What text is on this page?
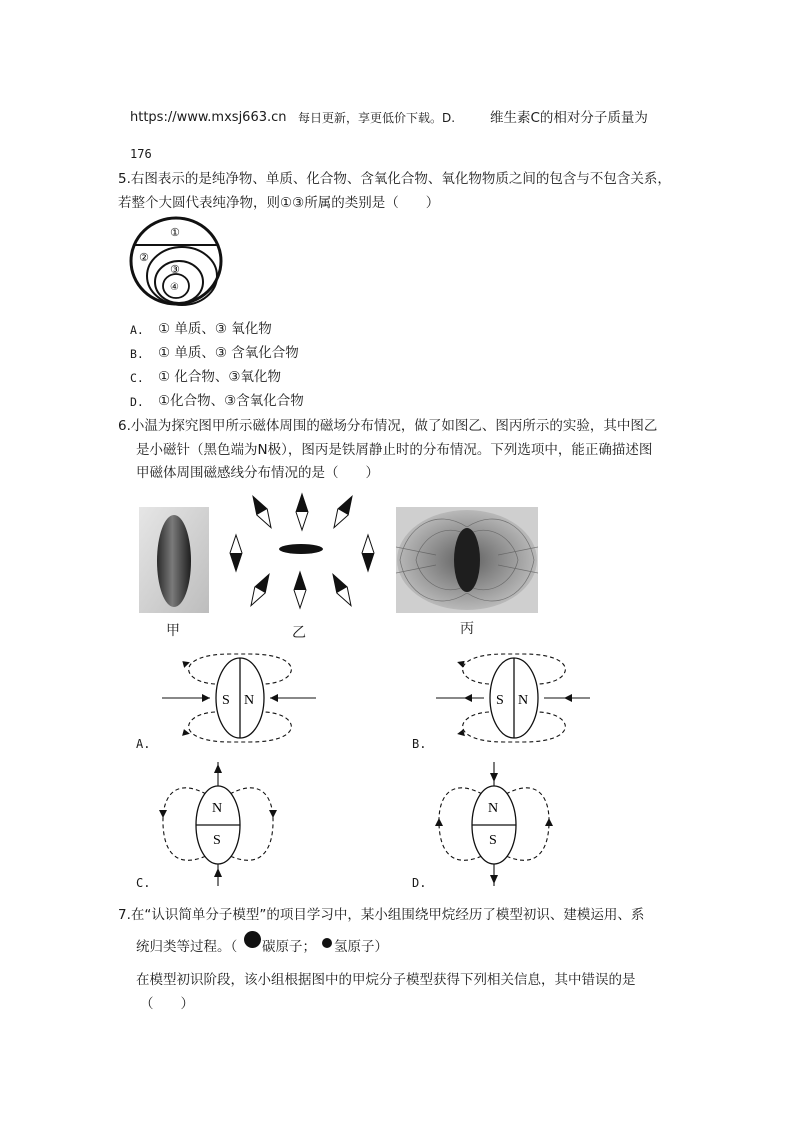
https://www.mxsj663.cn 每日更新，享更低价下载。D.	维生素C的相对分子质量为
176
5.右图表示的是纯净物、单质、化合物、含氧化合物、氧化物物质之间的包含与不包含关系，
若整个大圆代表纯净物，则①③所属的类别是（　　）
①
②
③
④
A. ① 单质、③ 氧化物
B. ① 单质、③ 含氧化合物
C. ① 化合物、③氧化物
D. ①化合物、③含氧化合物
6.小温为探究图甲所示磁体周围的磁场分布情况，做了如图乙、图丙所示的实验，其中图乙
是小磁针（黑色端为N极），图丙是铁屑静止时的分布情况。下列选项中，能正确描述图
甲磁体周围磁感线分布情况的是（　　）
甲	乙	丙
S N
A.
S N
B.
N
S
C.
N
S
D.
7.在“认识简单分子模型”的项目学习中，某小组围绕甲烷经历了模型初识、建模运用、系
统归类等过程。（ 碳原子； 氢原子）
在模型初识阶段，该小组根据图中的甲烷分子模型获得下列相关信息，其中错误的是
（　　）
